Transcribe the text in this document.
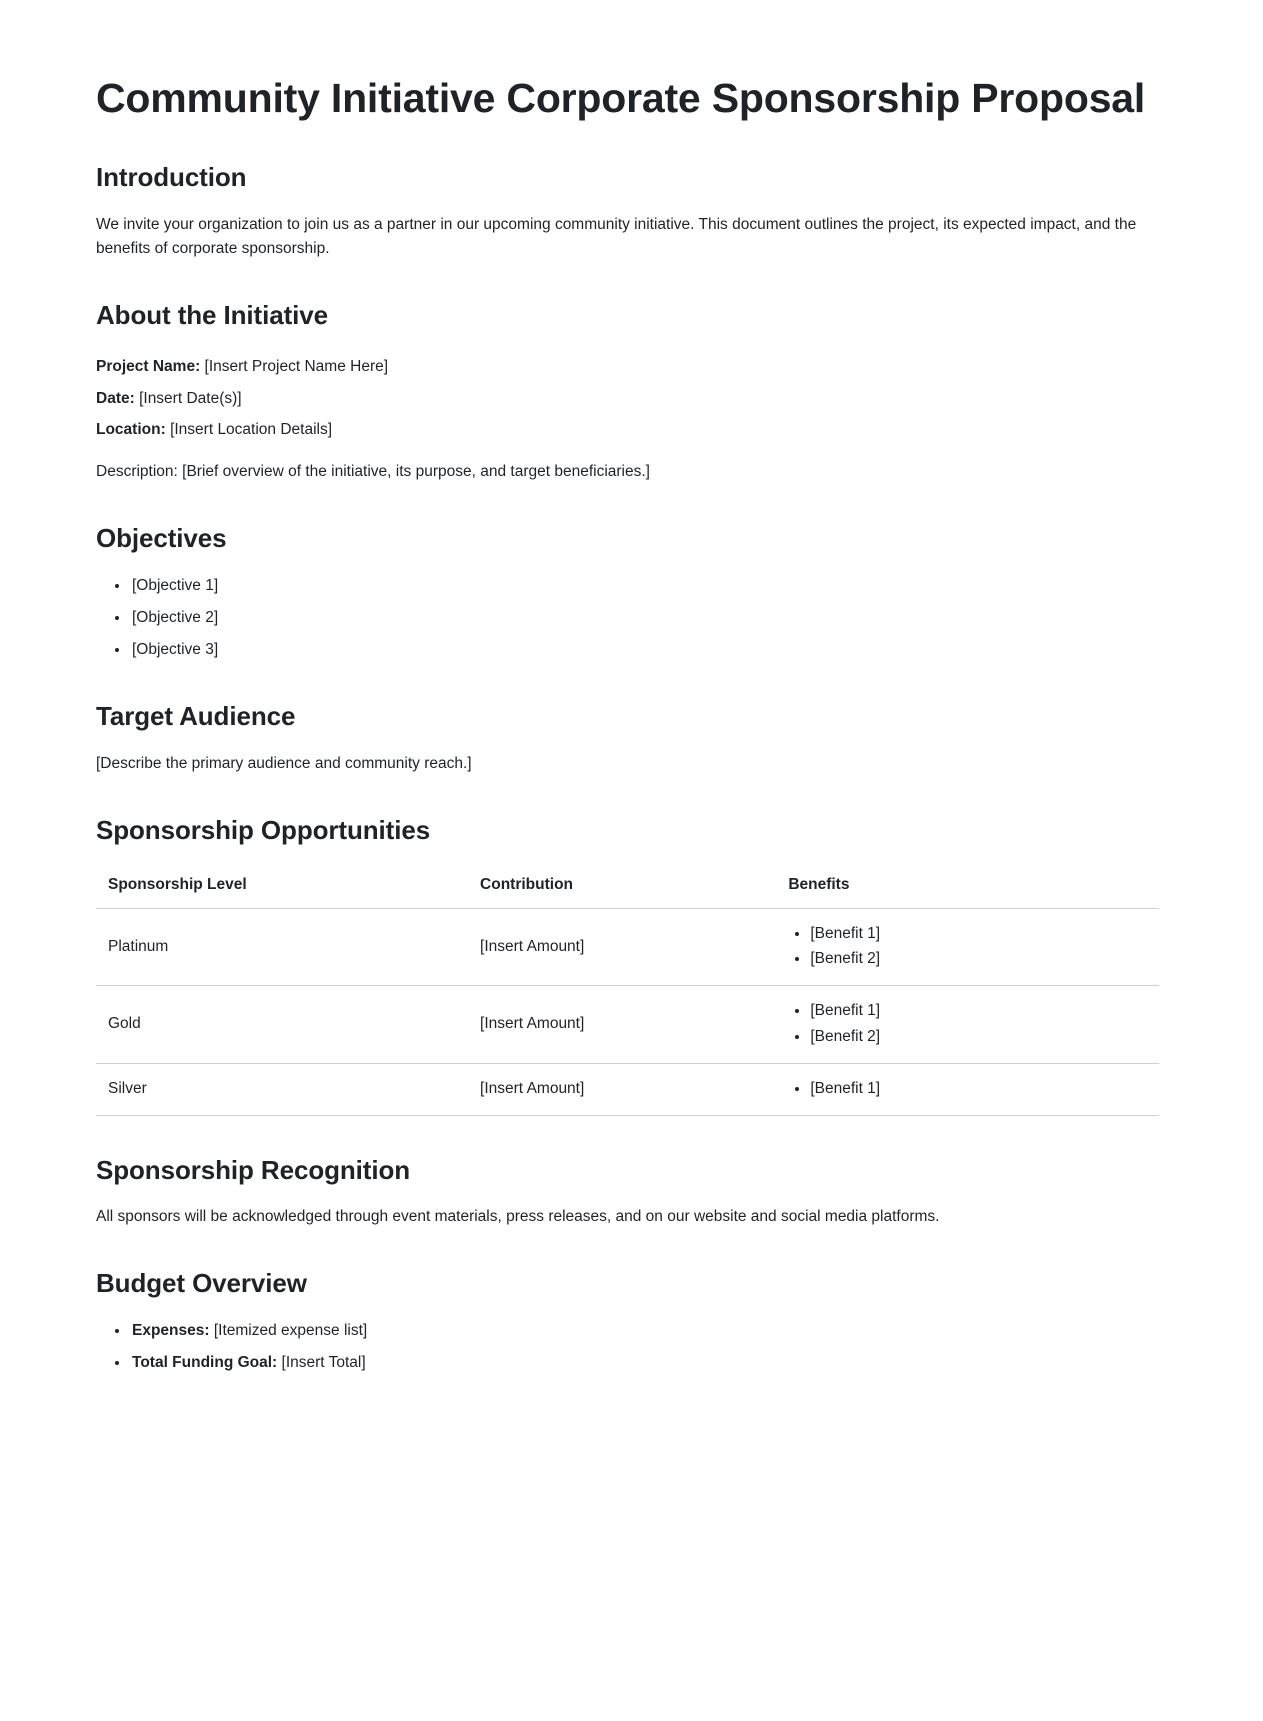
Community Initiative Corporate Sponsorship Proposal
Introduction

We invite your organization to join us as a partner in our upcoming community initiative. This document outlines the project, its expected impact, and the benefits of corporate sponsorship.

About the Initiative
Project Name: [Insert Project Name Here]
Date: [Insert Date(s)]
Location: [Insert Location Details]

Description: [Brief overview of the initiative, its purpose, and target beneficiaries.]

Objectives
• [Objective 1]
• [Objective 2]
• [Objective 3]
Target Audience

[Describe the primary audience and community reach.]

Sponsorship Opportunities
Sponsorship Level	Contribution	Benefits
Platinum	[Insert Amount]	
• [Benefit 1]
• [Benefit 2]

Gold	[Insert Amount]	
• [Benefit 1]
• [Benefit 2]

Silver	[Insert Amount]	
•[Benefit 1]
Sponsorship Recognition

All sponsors will be acknowledged through event materials, press releases, and on our website and social media platforms.

Budget Overview
• Expenses: [Itemized expense list]
• Total Funding Goal: [Insert Total]
